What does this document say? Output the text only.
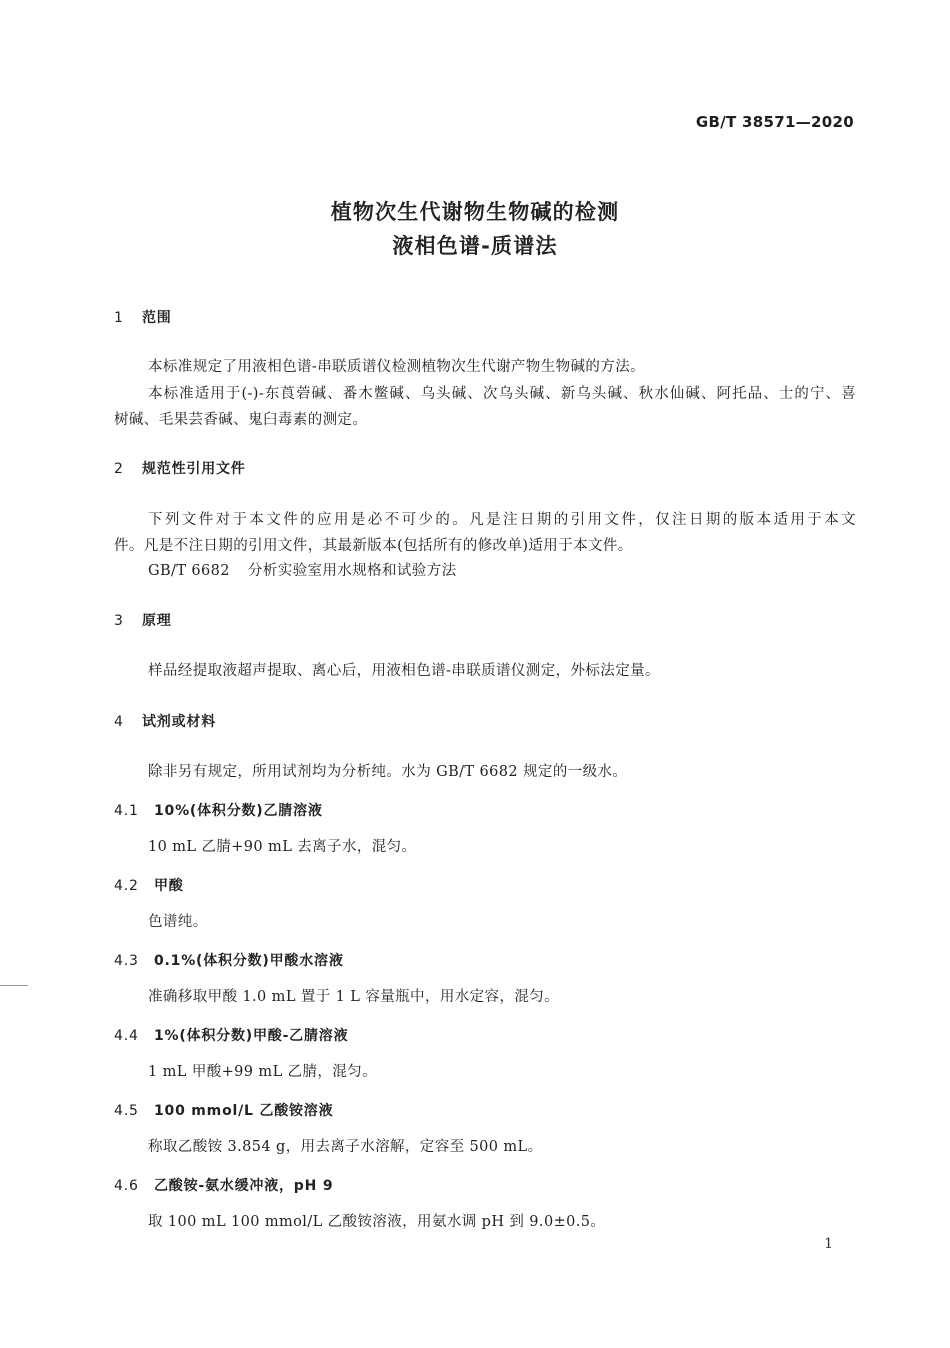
GB/T 38571—2020
植物次生代谢物生物碱的检测
液相色谱-质谱法
1 范围
本标准规定了用液相色谱-串联质谱仪检测植物次生代谢产物生物碱的方法。
本标准适用于(-)-东莨菪碱、番木鳖碱、乌头碱、次乌头碱、新乌头碱、秋水仙碱、阿托品、士的宁、喜
树碱、毛果芸香碱、鬼臼毒素的测定。
2 规范性引用文件
下列文件对于本文件的应用是必不可少的。凡是注日期的引用文件，仅注日期的版本适用于本文
件。凡是不注日期的引用文件，其最新版本(包括所有的修改单)适用于本文件。
GB/T 6682 分析实验室用水规格和试验方法
3 原理
样品经提取液超声提取、离心后，用液相色谱-串联质谱仪测定，外标法定量。
4 试剂或材料
除非另有规定，所用试剂均为分析纯。水为 GB/T 6682 规定的一级水。
4.1 10%(体积分数)乙腈溶液
10 mL 乙腈+90 mL 去离子水，混匀。
4.2 甲酸
色谱纯。
4.3 0.1%(体积分数)甲酸水溶液
准确移取甲酸 1.0 mL 置于 1 L 容量瓶中，用水定容，混匀。
4.4 1%(体积分数)甲酸-乙腈溶液
1 mL 甲酸+99 mL 乙腈，混匀。
4.5 100 mmol/L 乙酸铵溶液
称取乙酸铵 3.854 g，用去离子水溶解，定容至 500 mL。
4.6 乙酸铵-氨水缓冲液，pH 9
取 100 mL 100 mmol/L 乙酸铵溶液，用氨水调 pH 到 9.0±0.5。
1
